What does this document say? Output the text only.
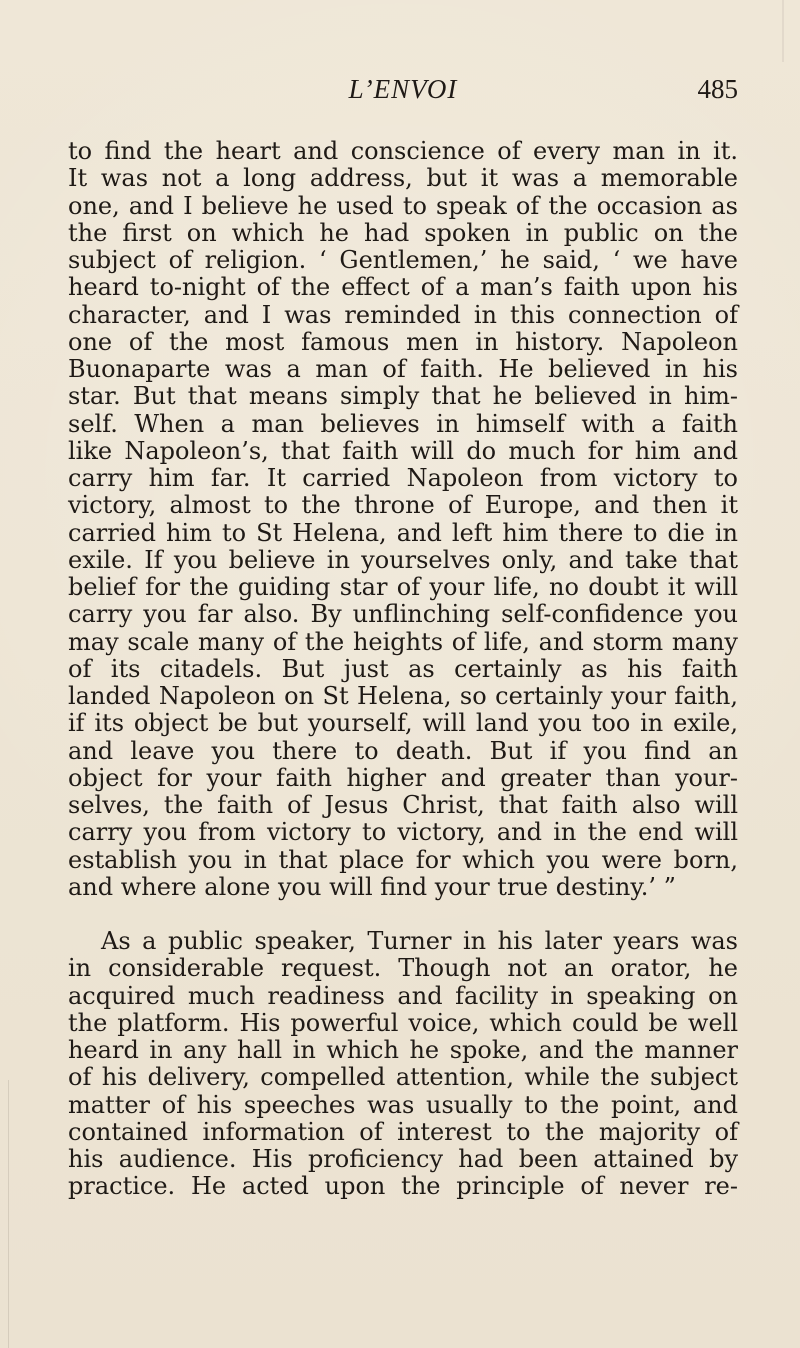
L’ENVOI	485
to find the heart and conscience of every man in it.
It was not a long address, but it was a memorable
one, and I believe he used to speak of the occasion as
the first on which he had spoken in public on the
subject of religion. ‘ Gentlemen,’ he said, ‘ we have
heard to-night of the effect of a man’s faith upon his
character, and I was reminded in this connection of
one of the most famous men in history. Napoleon
Buonaparte was a man of faith. He believed in his
star. But that means simply that he believed in him-
self. When a man believes in himself with a faith
like Napoleon’s, that faith will do much for him and
carry him far. It carried Napoleon from victory to
victory, almost to the throne of Europe, and then it
carried him to St Helena, and left him there to die in
exile. If you believe in yourselves only, and take that
belief for the guiding star of your life, no doubt it will
carry you far also. By unflinching self-confidence you
may scale many of the heights of life, and storm many
of its citadels. But just as certainly as his faith
landed Napoleon on St Helena, so certainly your faith,
if its object be but yourself, will land you too in exile,
and leave you there to death. But if you find an
object for your faith higher and greater than your-
selves, the faith of Jesus Christ, that faith also will
carry you from victory to victory, and in the end will
establish you in that place for which you were born,
and where alone you will find your true destiny.’ ”
As a public speaker, Turner in his later years was
in considerable request. Though not an orator, he
acquired much readiness and facility in speaking on
the platform. His powerful voice, which could be well
heard in any hall in which he spoke, and the manner
of his delivery, compelled attention, while the subject
matter of his speeches was usually to the point, and
contained information of interest to the majority of
his audience. His proficiency had been attained by
practice. He acted upon the principle of never re-
